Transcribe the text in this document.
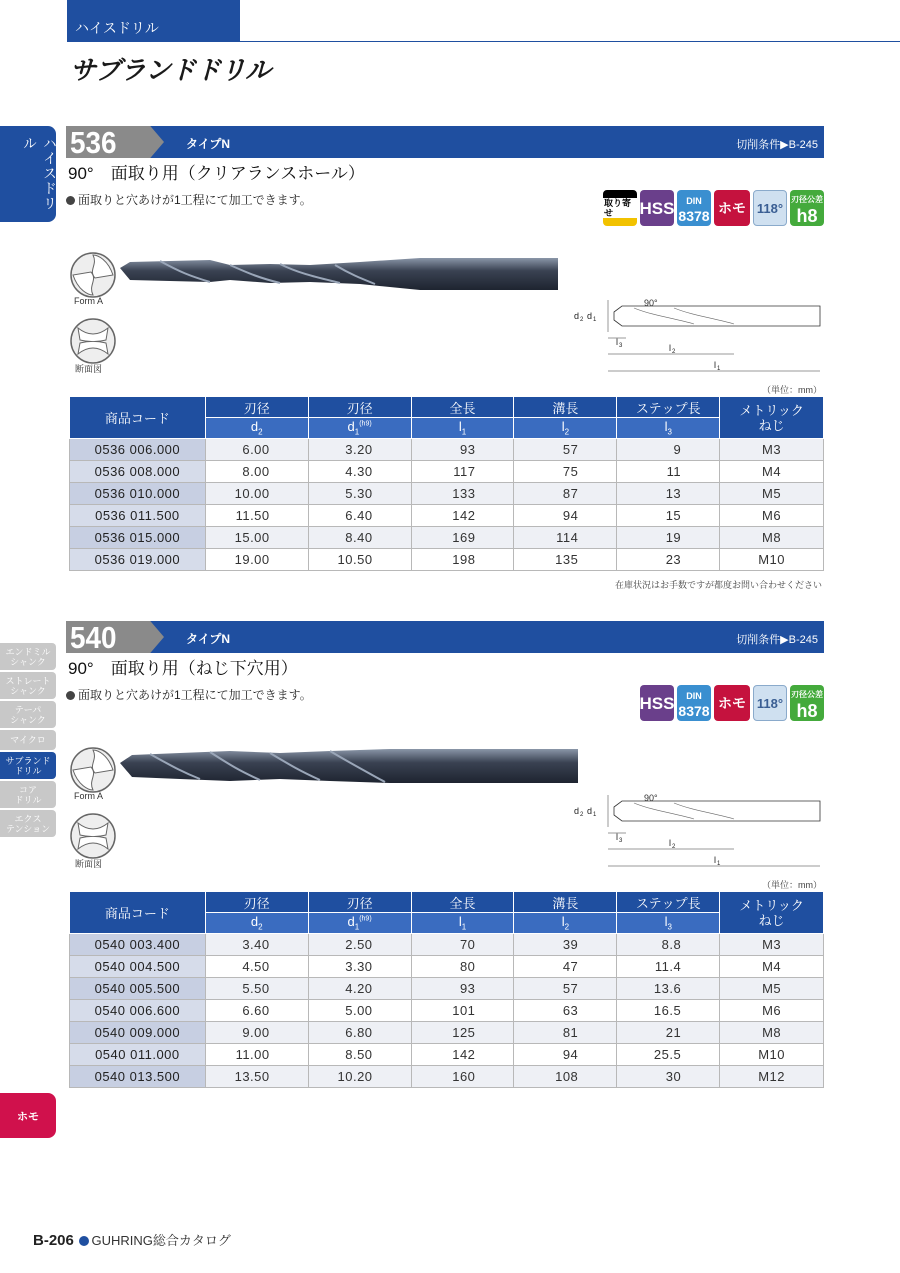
ハイスドリル
サブランドドリル
ハイスドリル
エンドミル
シャンク
ストレート
シャンク
テーパ
シャンク
マイクロ
サブランド
ドリル
コア
ドリル
エクス
テンション
ホモ
536	タイプN	切削条件▶B-245
90°　面取り用（クリアランスホール）
面取りと穴あけが1工程にて加工できます。	取り寄せ	HSS DIN
8378 ホモ 118°
刃径公差
h8
Form A
断面図
d 2 d 1
l 3	l 2
l 1
90°
（単位：mm）
商品コード	刃径	刃径	全長	溝長	ステップ長	メトリック
ねじ
	$d_2$	$d_1^{(h9)}$	$l_1$	$l_2$	$l_3$
0536 006.000	6.00	3.20	93	57	9	M3
0536 008.000	8.00	4.30	117	75	11	M4
0536 010.000	10.00	5.30	133	87	13	M5
0536 011.500	11.50	6.40	142	94	15	M6
0536 015.000	15.00	8.40	169	114	19	M8
0536 019.000	19.00	10.50	198	135	23	M10
在庫状況はお手数ですが都度お問い合わせください
540	タイプN	切削条件▶B-245
90°　面取り用（ねじ下穴用）
面取りと穴あけが1工程にて加工できます。	HSS DIN
8378 ホモ 118°
刃径公差
h8
Form A
断面図
d 2 d 1
l 3	l 2
l 1
90°
（単位：mm）
商品コード	刃径	刃径	全長	溝長	ステップ長	メトリック
ねじ
	$d_2$	$d_1^{(h9)}$	$l_1$	$l_2$	$l_3$
0540 003.400	3.40	2.50	70	39	8.8	M3
0540 004.500	4.50	3.30	80	47	11.4	M4
0540 005.500	5.50	4.20	93	57	13.6	M5
0540 006.600	6.60	5.00	101	63	16.5	M6
0540 009.000	9.00	6.80	125	81	21	M8
0540 011.000	11.00	8.50	142	94	25.5	M10
0540 013.500	13.50	10.20	160	108	30	M12
B-206 GUHRING総合カタログ
